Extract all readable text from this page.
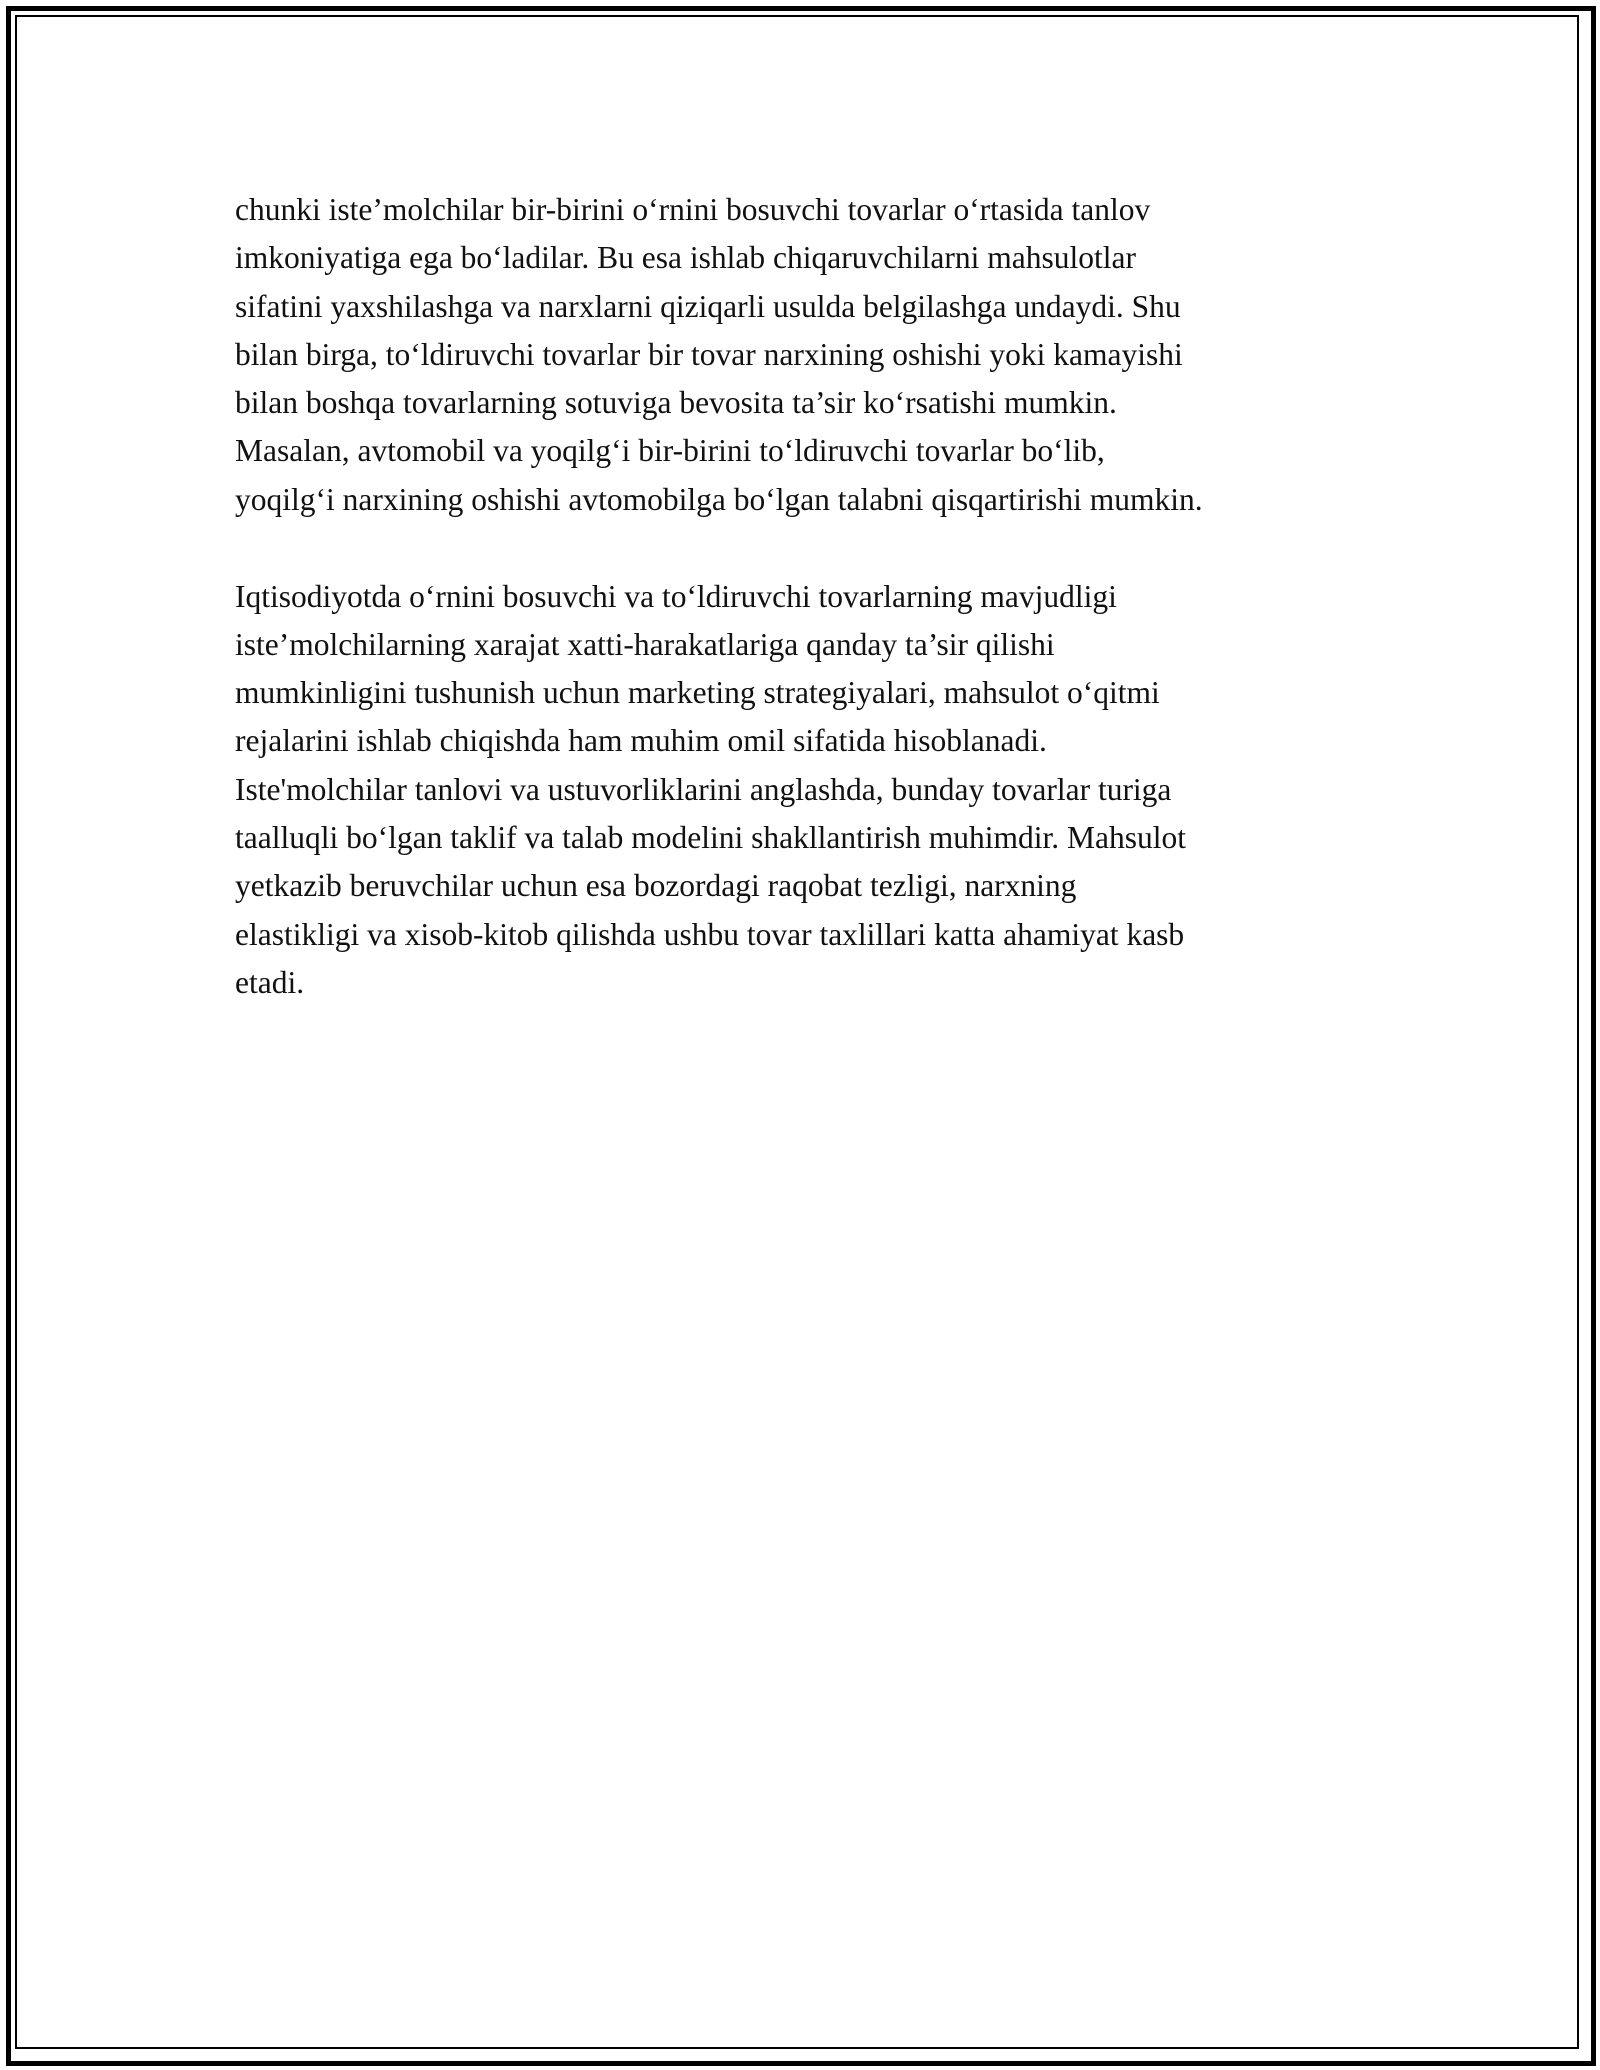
chunki iste’molchilar bir-birini o‘rnini bosuvchi tovarlar o‘rtasida tanlov
imkoniyatiga ega bo‘ladilar. Bu esa ishlab chiqaruvchilarni mahsulotlar
sifatini yaxshilashga va narxlarni qiziqarli usulda belgilashga undaydi. Shu
bilan birga, to‘ldiruvchi tovarlar bir tovar narxining oshishi yoki kamayishi
bilan boshqa tovarlarning sotuviga bevosita ta’sir ko‘rsatishi mumkin.
Masalan, avtomobil va yoqilg‘i bir-birini to‘ldiruvchi tovarlar bo‘lib,
yoqilg‘i narxining oshishi avtomobilga bo‘lgan talabni qisqartirishi mumkin.

Iqtisodiyotda o‘rnini bosuvchi va to‘ldiruvchi tovarlarning mavjudligi
iste’molchilarning xarajat xatti-harakatlariga qanday ta’sir qilishi
mumkinligini tushunish uchun marketing strategiyalari, mahsulot o‘qitmi
rejalarini ishlab chiqishda ham muhim omil sifatida hisoblanadi.
Iste'molchilar tanlovi va ustuvorliklarini anglashda, bunday tovarlar turiga
taalluqli bo‘lgan taklif va talab modelini shakllantirish muhimdir. Mahsulot
yetkazib beruvchilar uchun esa bozordagi raqobat tezligi, narxning
elastikligi va xisob-kitob qilishda ushbu tovar taxlillari katta ahamiyat kasb
etadi.
